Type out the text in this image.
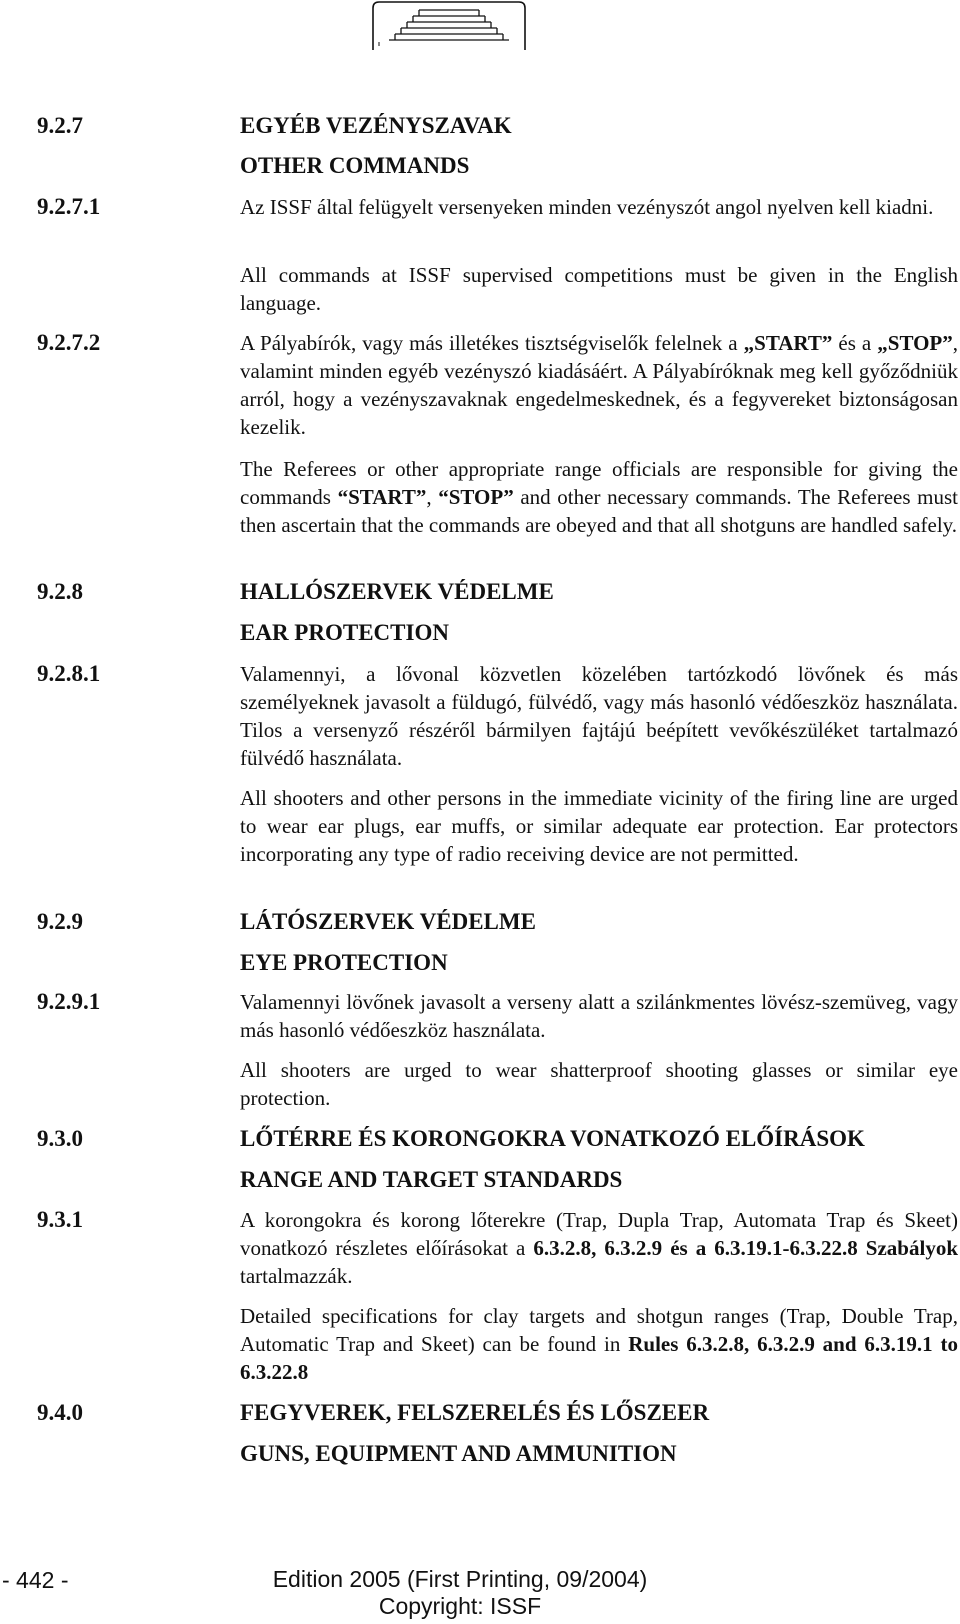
9.2.7	EGYÉB VEZÉNYSZAVAK
OTHER COMMANDS
9.2.7.1	Az ISSF által felügyelt versenyeken minden vezényszót angol nyelven kell kiadni.
All commands at ISSF supervised competitions must be given in the English language.
9.2.7.2	A Pályabírók, vagy más illetékes tisztségviselők felelnek a „START” és a „STOP”, valamint minden egyéb vezényszó kiadásáért. A Pályabíróknak meg kell győződniük arról, hogy a vezényszavaknak engedelmeskednek, és a fegyvereket biztonságosan kezelik.
The Referees or other appropriate range officials are responsible for giving the commands “START”, “STOP” and other necessary commands. The Referees must then ascertain that the commands are obeyed and that all shotguns are handled safely.
9.2.8	HALLÓSZERVEK VÉDELME
EAR PROTECTION
9.2.8.1	Valamennyi, a lővonal közvetlen közelében tartózkodó lövőnek és más személyeknek javasolt a füldugó, fülvédő, vagy más hasonló védőeszköz használata. Tilos a versenyző részéről bármilyen fajtájú beépített vevőkészüléket tartalmazó fülvédő használata.
All shooters and other persons in the immediate vicinity of the firing line are urged to wear ear plugs, ear muffs, or similar adequate ear protection. Ear protectors incorporating any type of radio receiving device are not permitted.
9.2.9	LÁTÓSZERVEK VÉDELME
EYE PROTECTION
9.2.9.1	Valamennyi lövőnek javasolt a verseny alatt a szilánkmentes lövész-szemüveg, vagy más hasonló védőeszköz használata.
All shooters are urged to wear shatterproof shooting glasses or similar eye protection.
9.3.0	LŐTÉRRE ÉS KORONGOKRA VONATKOZÓ ELŐÍRÁSOK
RANGE AND TARGET STANDARDS
9.3.1	A korongokra és korong lőterekre (Trap, Dupla Trap, Automata Trap és Skeet) vonatkozó részletes előírásokat a 6.3.2.8, 6.3.2.9 és a 6.3.19.1-6.3.22.8 Szabályok tartalmazzák.
Detailed specifications for clay targets and shotgun ranges (Trap, Double Trap, Automatic Trap and Skeet) can be found in Rules 6.3.2.8, 6.3.2.9 and 6.3.19.1 to 6.3.22.8
9.4.0	FEGYVEREK, FELSZERELÉS ÉS LŐSZEER
GUNS, EQUIPMENT AND AMMUNITION
- 442 -	Edition 2005 (First Printing, 09/2004)
Copyright: ISSF
